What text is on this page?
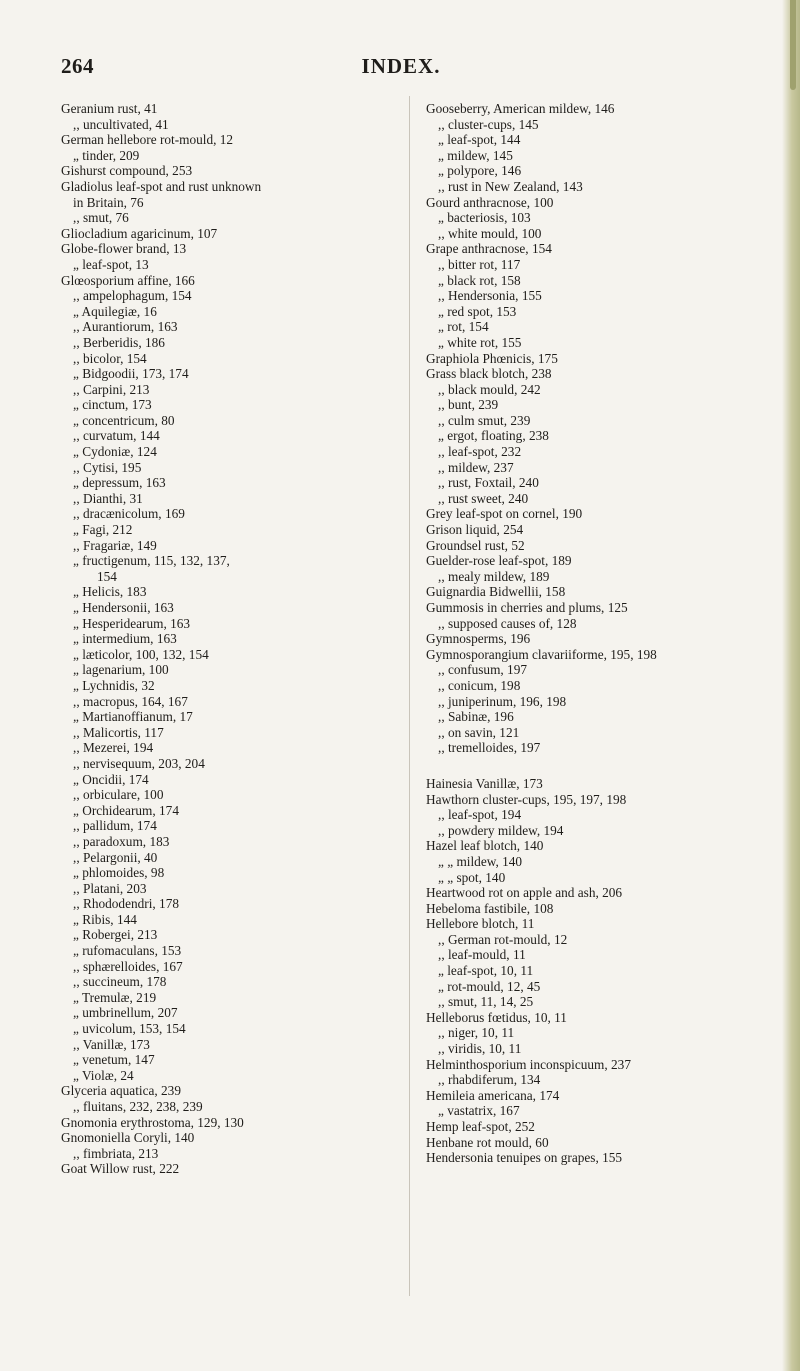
264	INDEX.
Geranium rust, 41
,, uncultivated, 41
German hellebore rot-mould, 12
„ tinder, 209
Gishurst compound, 253
Gladiolus leaf-spot and rust unknown
in Britain, 76
,, smut, 76
Gliocladium agaricinum, 107
Globe-flower brand, 13
„ leaf-spot, 13
Glœosporium affine, 166
,, ampelophagum, 154
„ Aquilegiæ, 16
,, Aurantiorum, 163
,, Berberidis, 186
,, bicolor, 154
„ Bidgoodii, 173, 174
,, Carpini, 213
„ cinctum, 173
„ concentricum, 80
,, curvatum, 144
„ Cydoniæ, 124
,, Cytisi, 195
„ depressum, 163
,, Dianthi, 31
,, dracænicolum, 169
„ Fagi, 212
,, Fragariæ, 149
„ fructigenum, 115, 132, 137,
154
„ Helicis, 183
„ Hendersonii, 163
„ Hesperidearum, 163
„ intermedium, 163
„ læticolor, 100, 132, 154
„ lagenarium, 100
„ Lychnidis, 32
,, macropus, 164, 167
„ Martianoffianum, 17
,, Malicortis, 117
,, Mezerei, 194
,, nervisequum, 203, 204
„ Oncidii, 174
,, orbiculare, 100
„ Orchidearum, 174
,, pallidum, 174
,, paradoxum, 183
,, Pelargonii, 40
„ phlomoides, 98
,, Platani, 203
,, Rhododendri, 178
„ Ribis, 144
„ Robergei, 213
„ rufomaculans, 153
,, sphærelloides, 167
,, succineum, 178
„ Tremulæ, 219
„ umbrinellum, 207
„ uvicolum, 153, 154
,, Vanillæ, 173
„ venetum, 147
„ Violæ, 24
Glyceria aquatica, 239
,, fluitans, 232, 238, 239
Gnomonia erythrostoma, 129, 130
Gnomoniella Coryli, 140
,, fimbriata, 213
Goat Willow rust, 222
Gooseberry, American mildew, 146
,, cluster-cups, 145
„ leaf-spot, 144
„ mildew, 145
„ polypore, 146
,, rust in New Zealand, 143
Gourd anthracnose, 100
„ bacteriosis, 103
,, white mould, 100
Grape anthracnose, 154
,, bitter rot, 117
„ black rot, 158
,, Hendersonia, 155
„ red spot, 153
„ rot, 154
„ white rot, 155
Graphiola Phœnicis, 175
Grass black blotch, 238
,, black mould, 242
,, bunt, 239
,, culm smut, 239
„ ergot, floating, 238
,, leaf-spot, 232
,, mildew, 237
,, rust, Foxtail, 240
,, rust sweet, 240
Grey leaf-spot on cornel, 190
Grison liquid, 254
Groundsel rust, 52
Guelder-rose leaf-spot, 189
,, mealy mildew, 189
Guignardia Bidwellii, 158
Gummosis in cherries and plums, 125
,, supposed causes of, 128
Gymnosperms, 196
Gymnosporangium clavariiforme, 195, 198
,, confusum, 197
,, conicum, 198
,, juniperinum, 196, 198
,, Sabinæ, 196
,, on savin, 121
,, tremelloides, 197
Hainesia Vanillæ, 173
Hawthorn cluster-cups, 195, 197, 198
,, leaf-spot, 194
,, powdery mildew, 194
Hazel leaf blotch, 140
„ „ mildew, 140
„ „ spot, 140
Heartwood rot on apple and ash, 206
Hebeloma fastibile, 108
Hellebore blotch, 11
,, German rot-mould, 12
,, leaf-mould, 11
„ leaf-spot, 10, 11
„ rot-mould, 12, 45
,, smut, 11, 14, 25
Helleborus fœtidus, 10, 11
,, niger, 10, 11
,, viridis, 10, 11
Helminthosporium inconspicuum, 237
,, rhabdiferum, 134
Hemileia americana, 174
„ vastatrix, 167
Hemp leaf-spot, 252
Henbane rot mould, 60
Hendersonia tenuipes on grapes, 155
